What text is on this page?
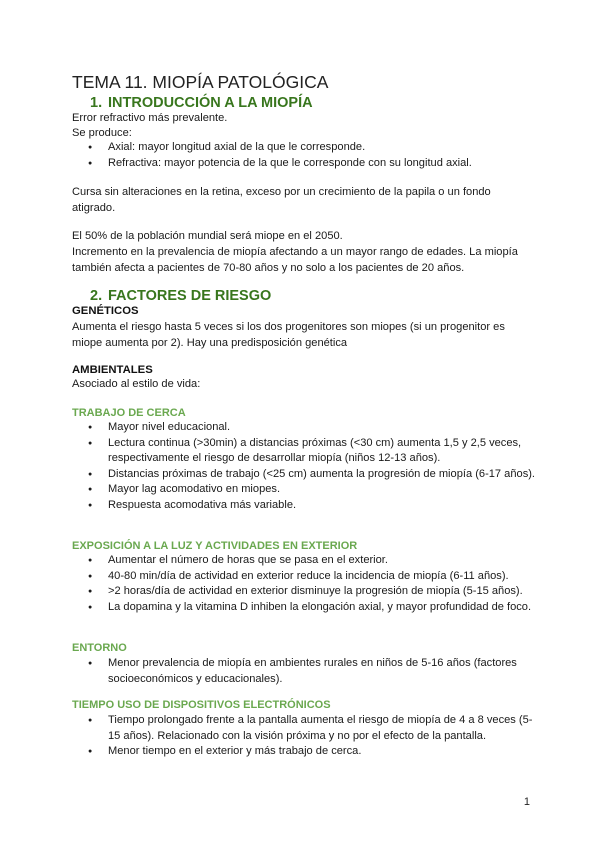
TEMA 11. MIOPÍA PATOLÓGICA
1. INTRODUCCIÓN A LA MIOPÍA
Error refractivo más prevalente.
Se produce:
● Axial: mayor longitud axial de la que le corresponde.
● Refractiva: mayor potencia de la que le corresponde con su longitud axial.
Cursa sin alteraciones en la retina, exceso por un crecimiento de la papila o un fondo atigrado.
El 50% de la población mundial será miope en el 2050.
Incremento en la prevalencia de miopía afectando a un mayor rango de edades. La miopía también afecta a pacientes de 70-80 años y no solo a los pacientes de 20 años.
2. FACTORES DE RIESGO
GENÉTICOS
Aumenta el riesgo hasta 5 veces si los dos progenitores son miopes (si un progenitor es miope aumenta por 2). Hay una predisposición genética
AMBIENTALES
Asociado al estilo de vida:
TRABAJO DE CERCA
● Mayor nivel educacional.
● Lectura continua (>30min) a distancias próximas (<30 cm) aumenta 1,5 y 2,5 veces, respectivamente el riesgo de desarrollar miopía (niños 12-13 años).
● Distancias próximas de trabajo (<25 cm) aumenta la progresión de miopía (6-17 años).
● Mayor lag acomodativo en miopes.
● Respuesta acomodativa más variable.
EXPOSICIÓN A LA LUZ Y ACTIVIDADES EN EXTERIOR
● Aumentar el número de horas que se pasa en el exterior.
● 40-80 min/día de actividad en exterior reduce la incidencia de miopía (6-11 años).
● >2 horas/día de actividad en exterior disminuye la progresión de miopía (5-15 años).
● La dopamina y la vitamina D inhiben la elongación axial, y mayor profundidad de foco.
ENTORNO
● Menor prevalencia de miopía en ambientes rurales en niños de 5-16 años (factores socioeconómicos y educacionales).
TIEMPO USO DE DISPOSITIVOS ELECTRÓNICOS
● Tiempo prolongado frente a la pantalla aumenta el riesgo de miopía de 4 a 8 veces (5-15 años). Relacionado con la visión próxima y no por el efecto de la pantalla.
● Menor tiempo en el exterior y más trabajo de cerca.
1
